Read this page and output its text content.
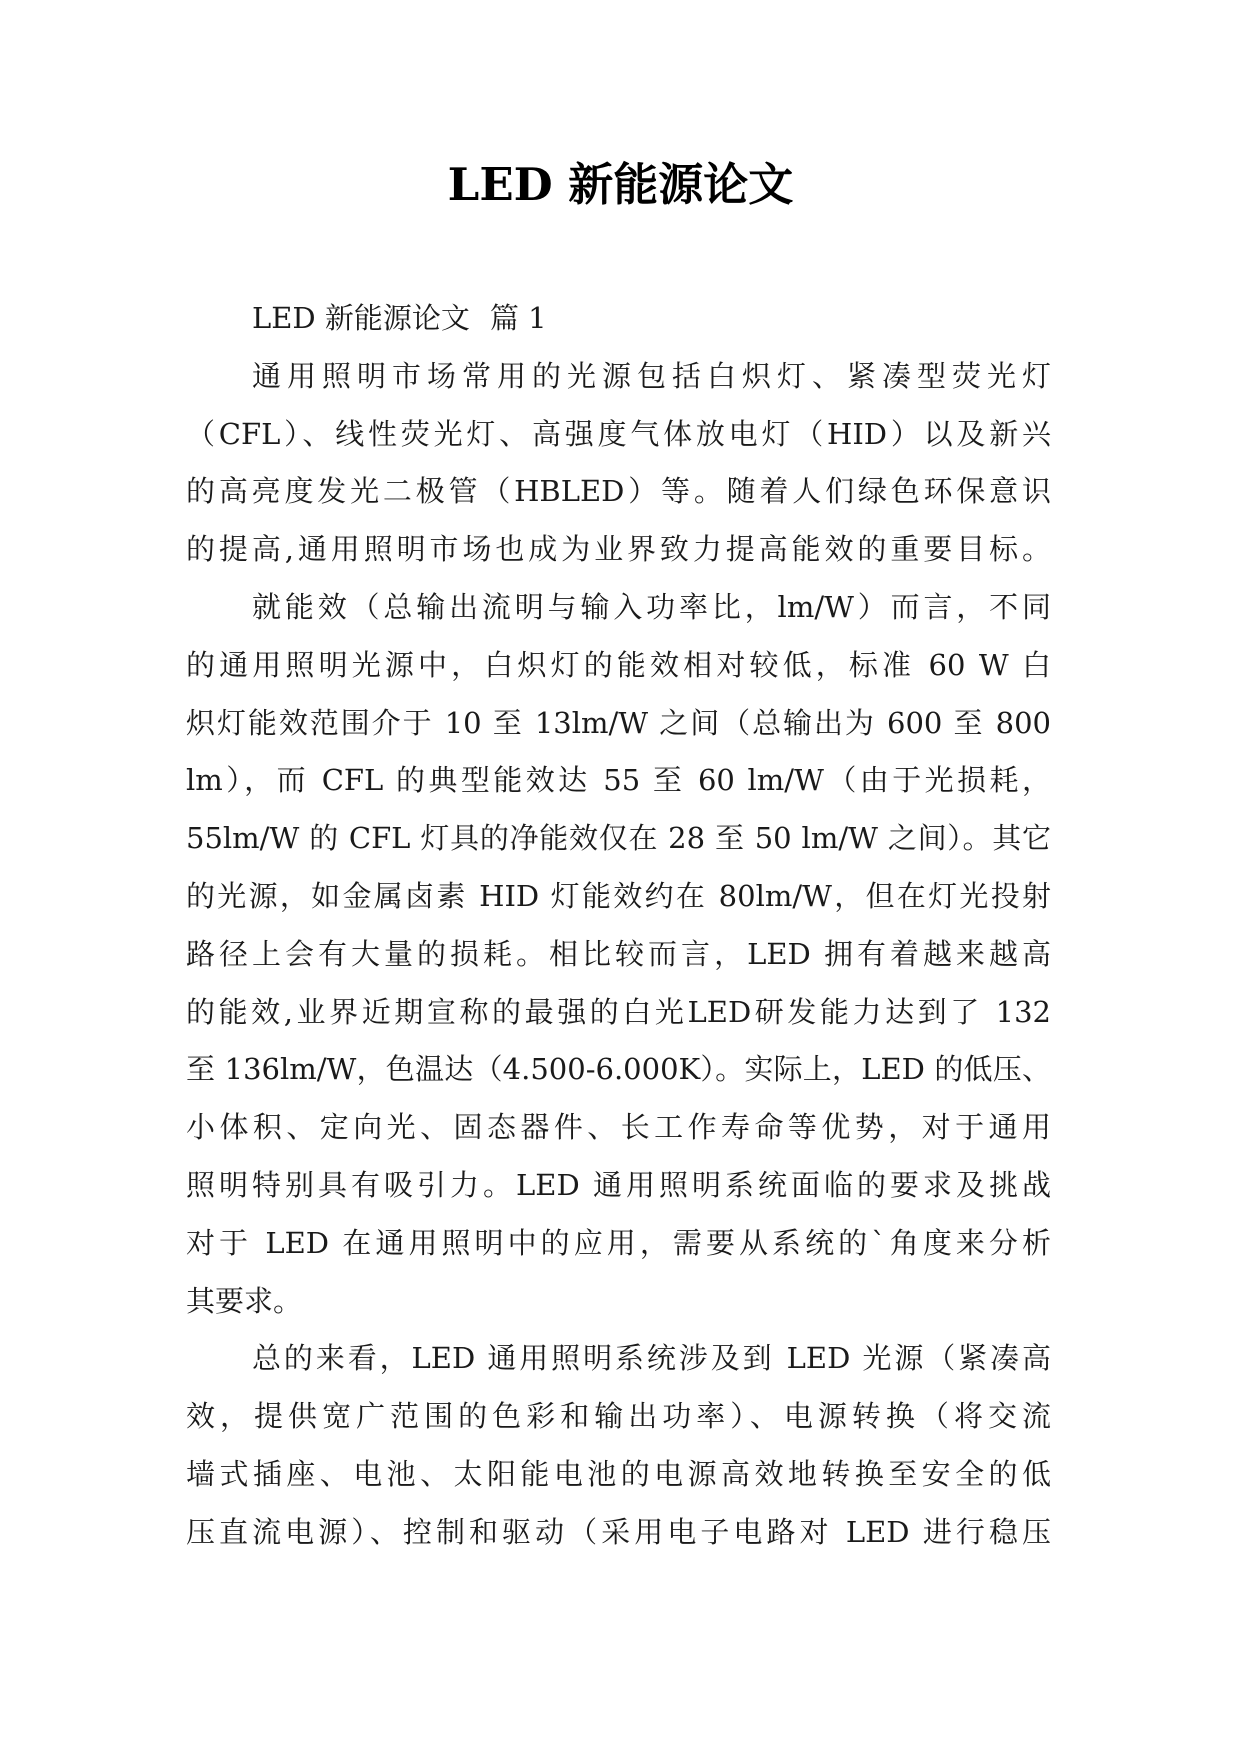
LED 新能源论文
LED 新能源论文 篇 1
通用照明市场常用的光源包括白炽灯、紧凑型荧光灯
（CFL）、线性荧光灯、高强度气体放电灯（HID）以及新兴
的高亮度发光二极管（HBLED）等。随着人们绿色环保意识
的提高,通用照明市场也成为业界致力提高能效的重要目标。
就能效（总输出流明与输入功率比，lm/W）而言，不同
的通用照明光源中，白炽灯的能效相对较低，标准 60 W 白
炽灯能效范围介于 10 至 13lm/W 之间（总输出为 600 至 800
lm），而 CFL 的典型能效达 55 至 60 lm/W（由于光损耗，
55lm/W 的 CFL 灯具的净能效仅在 28 至 50 lm/W 之间）。其它
的光源，如金属卤素 HID 灯能效约在 80lm/W，但在灯光投射
路径上会有大量的损耗。相比较而言，LED 拥有着越来越高
的能效,业界近期宣称的最强的白光LED研发能力达到了 132
至 136lm/W，色温达（4.500-6.000K）。实际上，LED 的低压、
小体积、定向光、固态器件、长工作寿命等优势，对于通用
照明特别具有吸引力。LED 通用照明系统面临的要求及挑战
对于 LED 在通用照明中的应用，需要从系统的`角度来分析
其要求。
总的来看，LED 通用照明系统涉及到 LED 光源（紧凑高
效，提供宽广范围的色彩和输出功率）、电源转换（将交流
墙式插座、电池、太阳能电池的电源高效地转换至安全的低
压直流电源）、控制和驱动（采用电子电路对 LED 进行稳压
